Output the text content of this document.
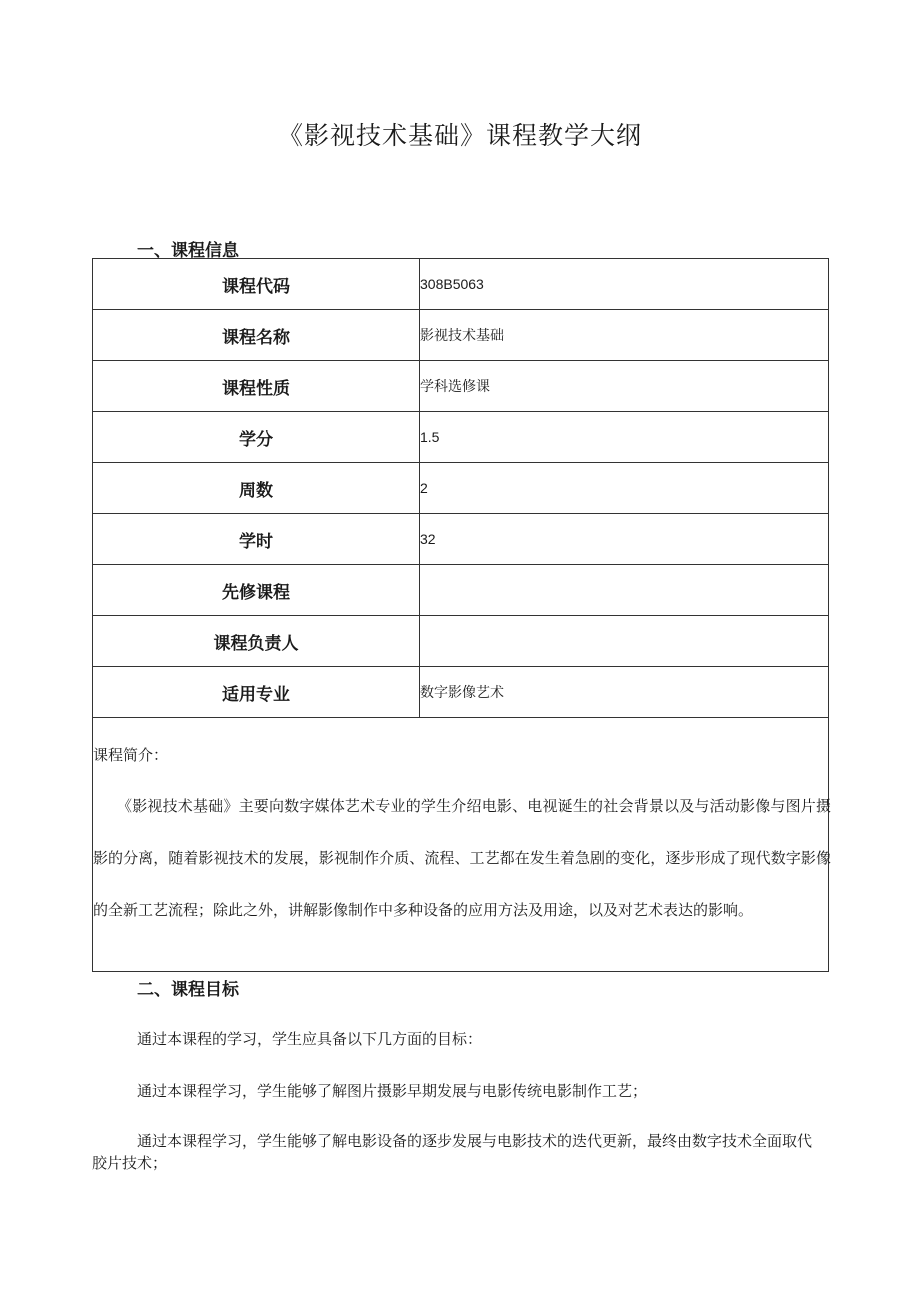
《影视技术基础》课程教学大纲
一、课程信息
课程代码	308B5063
课程名称	影视技术基础
课程性质	学科选修课
学分	1.5
周数	2
学时	32
先修课程	
课程负责人	
适用专业	数字影像艺术
课程简介：
《影视技术基础》主要向数字媒体艺术专业的学生介绍电影、电视诞生的社会背景以及与活动影像与图片摄影的分离，随着影视技术的发展，影视制作介质、流程、工艺都在发生着急剧的变化，逐步形成了现代数字影像的全新工艺流程；除此之外，讲解影像制作中多种设备的应用方法及用途，以及对艺术表达的影响。
二、课程目标
通过本课程的学习，学生应具备以下几方面的目标：
通过本课程学习，学生能够了解图片摄影早期发展与电影传统电影制作工艺；
通过本课程学习，学生能够了解电影设备的逐步发展与电影技术的迭代更新，最终由数字技术全面取代胶片技术；
